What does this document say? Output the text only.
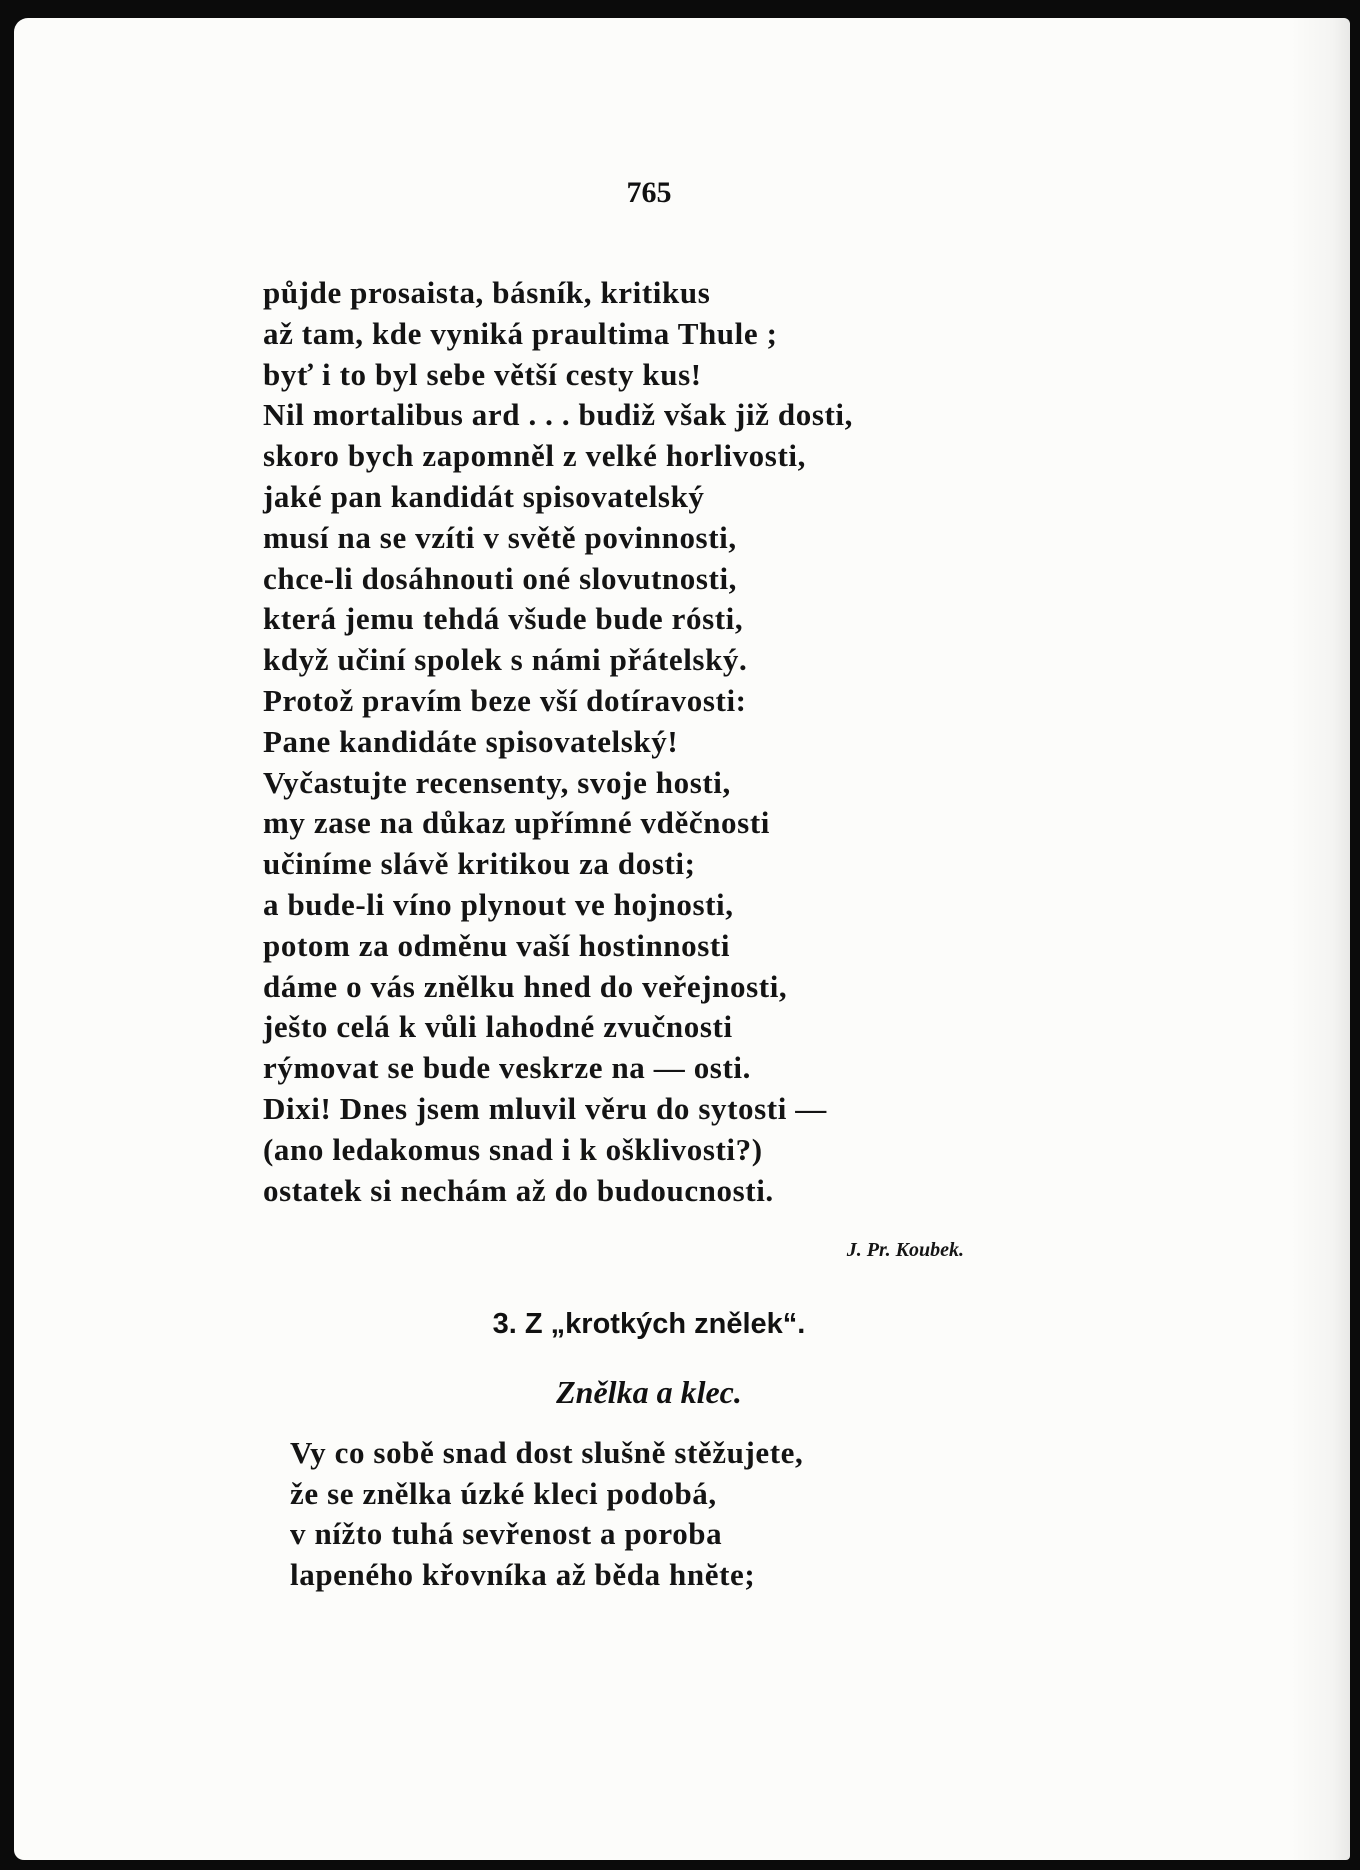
765
půjde prosaista, básník, kritikus
až tam, kde vyniká praultima Thule ;
byť i to byl sebe větší cesty kus!
Nil mortalibus ard . . . budiž však již dosti,
skoro bych zapomněl z velké horlivosti,
jaké pan kandidát spisovatelský
musí na se vzíti v světě povinnosti,
chce-li dosáhnouti oné slovutnosti,
která jemu tehdá všude bude rósti,
když učiní spolek s námi přátelský.
Protož pravím beze vší dotíravosti:
Pane kandidáte spisovatelský!
Vyčastujte recensenty, svoje hosti,
my zase na důkaz upřímné vděčnosti
učiníme slávě kritikou za dosti;
a bude-li víno plynout ve hojnosti,
potom za odměnu vaší hostinnosti
dáme o vás znělku hned do veřejnosti,
ješto celá k vůli lahodné zvučnosti
rýmovat se bude veskrze na — osti.
Dixi! Dnes jsem mluvil věru do sytosti —
(ano ledakomus snad i k ošklivosti?)
ostatek si nechám až do budoucnosti.
J. Pr. Koubek.
3. Z „krotkých znělek“.
Znělka a klec.
Vy co sobě snad dost slušně stěžujete,
že se znělka úzké kleci podobá,
v nížto tuhá sevřenost a poroba
lapeného křovníka až běda hnĕte;
